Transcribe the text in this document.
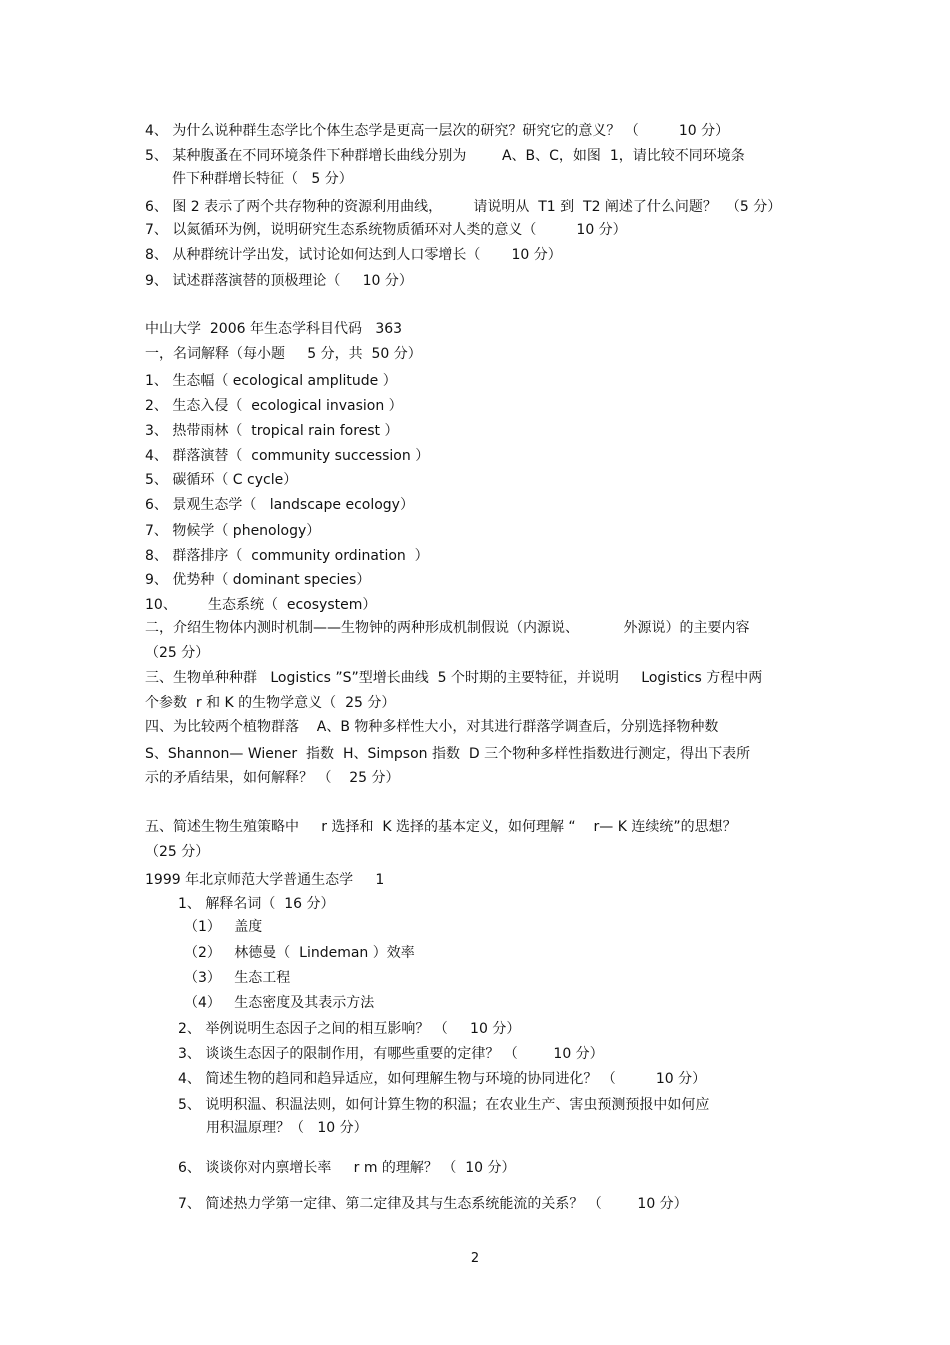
4、 为什么说种群生态学比个体生态学是更高一层次的研究？研究它的意义？ （         10 分）
5、 某种腹蚤在不同环境条件下种群增长曲线分别为        A、B、C，如图  1，请比较不同环境条
件下种群增长特征（   5 分）
6、 图 2 表示了两个共存物种的资源利用曲线，       请说明从  T1 到  T2 阐述了什么问题？  （5 分）
7、 以氮循环为例，说明研究生态系统物质循环对人类的意义（         10 分）
8、 从种群统计学出发，试讨论如何达到人口零增长（       10 分）
9、 试述群落演替的顶极理论（     10 分）
中山大学  2006 年生态学科目代码   363
一，名词解释（每小题     5 分，共  50 分）
1、 生态幅（ ecological amplitude ）
2、 生态入侵（  ecological invasion ）
3、 热带雨林（  tropical rain forest ）
4、 群落演替（  community succession ）
5、 碳循环（ C cycle）
6、 景观生态学（   landscape ecology）
7、 物候学（ phenology）
8、 群落排序（  community ordination  ）
9、 优势种（ dominant species）
10、       生态系统（  ecosystem）
二，介绍生物体内测时机制——生物钟的两种形成机制假说（内源说、          外源说）的主要内容
（25 分）
三、生物单种种群   Logistics ”S”型增长曲线  5 个时期的主要特征，并说明     Logistics 方程中两
个参数  r 和 K 的生物学意义（  25 分）
四、为比较两个植物群落    A、B 物种多样性大小，对其进行群落学调查后，分别选择物种数
S、Shannon— Wiener  指数  H、Simpson 指数  D 三个物种多样性指数进行测定，得出下表所
示的矛盾结果，如何解释？ （    25 分）
五、简述生物生殖策略中     r 选择和  K 选择的基本定义，如何理解 “    r— K 连续统”的思想？
（25 分）
1999 年北京师范大学普通生态学     1
1、 解释名词（  16 分）
（1）   盖度
（2）   林德曼（  Lindeman ）效率
（3）   生态工程
（4）   生态密度及其表示方法
2、 举例说明生态因子之间的相互影响？ （     10 分）
3、 谈谈生态因子的限制作用，有哪些重要的定律？ （        10 分）
4、 简述生物的趋同和趋异适应，如何理解生物与环境的协同进化？ （         10 分）
5、 说明积温、积温法则，如何计算生物的积温；在农业生产、害虫预测预报中如何应
用积温原理？（   10 分）
6、 谈谈你对内禀增长率     r m 的理解？ （  10 分）
7、 简述热力学第一定律、第二定律及其与生态系统能流的关系？ （        10 分）
2
